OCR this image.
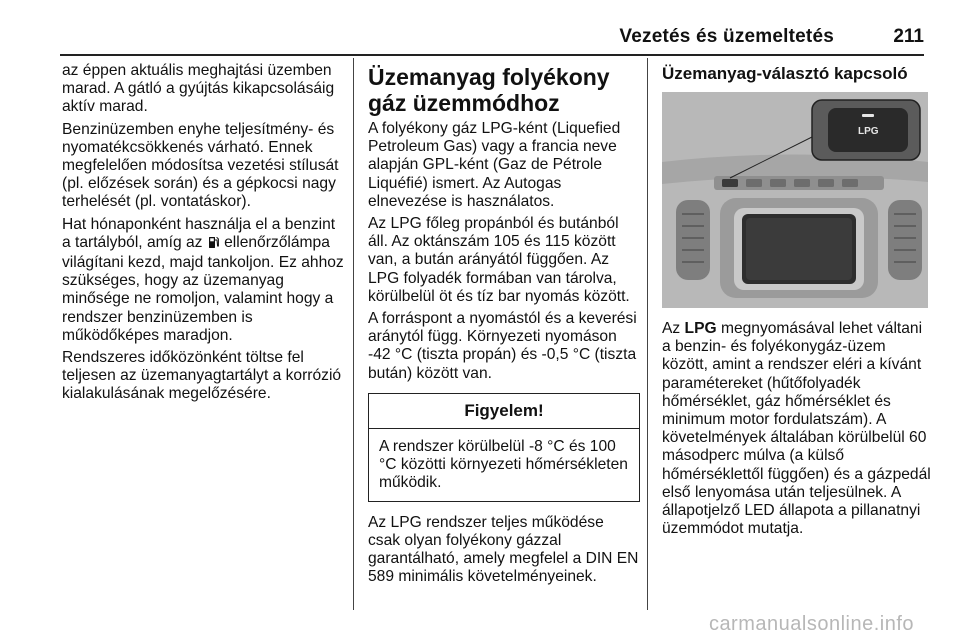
Vezetés és üzemeltetés	211

az éppen aktuális meghajtási üzemben marad. A gátló a gyújtás kikapcsolásáig aktív marad.

Benzinüzemben enyhe teljesítmény- és nyomatékcsökkenés várható. Ennek megfelelően módosítsa vezetési stílusát (pl. előzések során) és a gépkocsi nagy terhelését (pl. vontatáskor).

Hat hónaponként használja el a benzint a tartályból, amíg az ellenőrzőlámpa világítani kezd, majd tankoljon. Ez ahhoz szükséges, hogy az üzemanyag minősége ne romoljon, valamint hogy a rendszer benzinüzemben is működőképes maradjon.

Rendszeres időközönként töltse fel teljesen az üzemanyagtartályt a korrózió kialakulásának megelőzésére.

Üzemanyag folyékony gáz üzemmódhoz

A folyékony gáz LPG-ként (Liquefied Petroleum Gas) vagy a francia neve alapján GPL-ként (Gaz de Pétrole Liquéfié) ismert. Az Autogas elnevezése is használatos.

Az LPG főleg propánból és butánból áll. Az oktánszám 105 és 115 között van, a bután arányától függően. Az LPG folyadék formában van tárolva, körülbelül öt és tíz bar nyomás között.

A forráspont a nyomástól és a keverési aránytól függ. Környezeti nyomáson -42 °C (tiszta propán) és -0,5 °C (tiszta bután) között van.

Figyelem!
A rendszer körülbelül -8 °C és 100 °C közötti környezeti hőmérsékleten működik.

Az LPG rendszer teljes működése csak olyan folyékony gázzal garantálható, amely megfelel a DIN EN 589 minimális követelményeinek.

Üzemanyag-választó kapcsoló
LPG

Az LPG megnyomásával lehet váltani a benzin- és folyékonygáz-üzem között, amint a rendszer eléri a kívánt paramétereket (hűtőfolyadék hőmérséklet, gáz hőmérséklet és minimum motor fordulatszám). A követelmények általában körülbelül 60 másodperc múlva (a külső hőmérséklettől függően) és a gázpedál első lenyomása után teljesülnek. A állapotjelző LED állapota a pillanatnyi üzemmódot mutatja.

carmanualsonline.info
